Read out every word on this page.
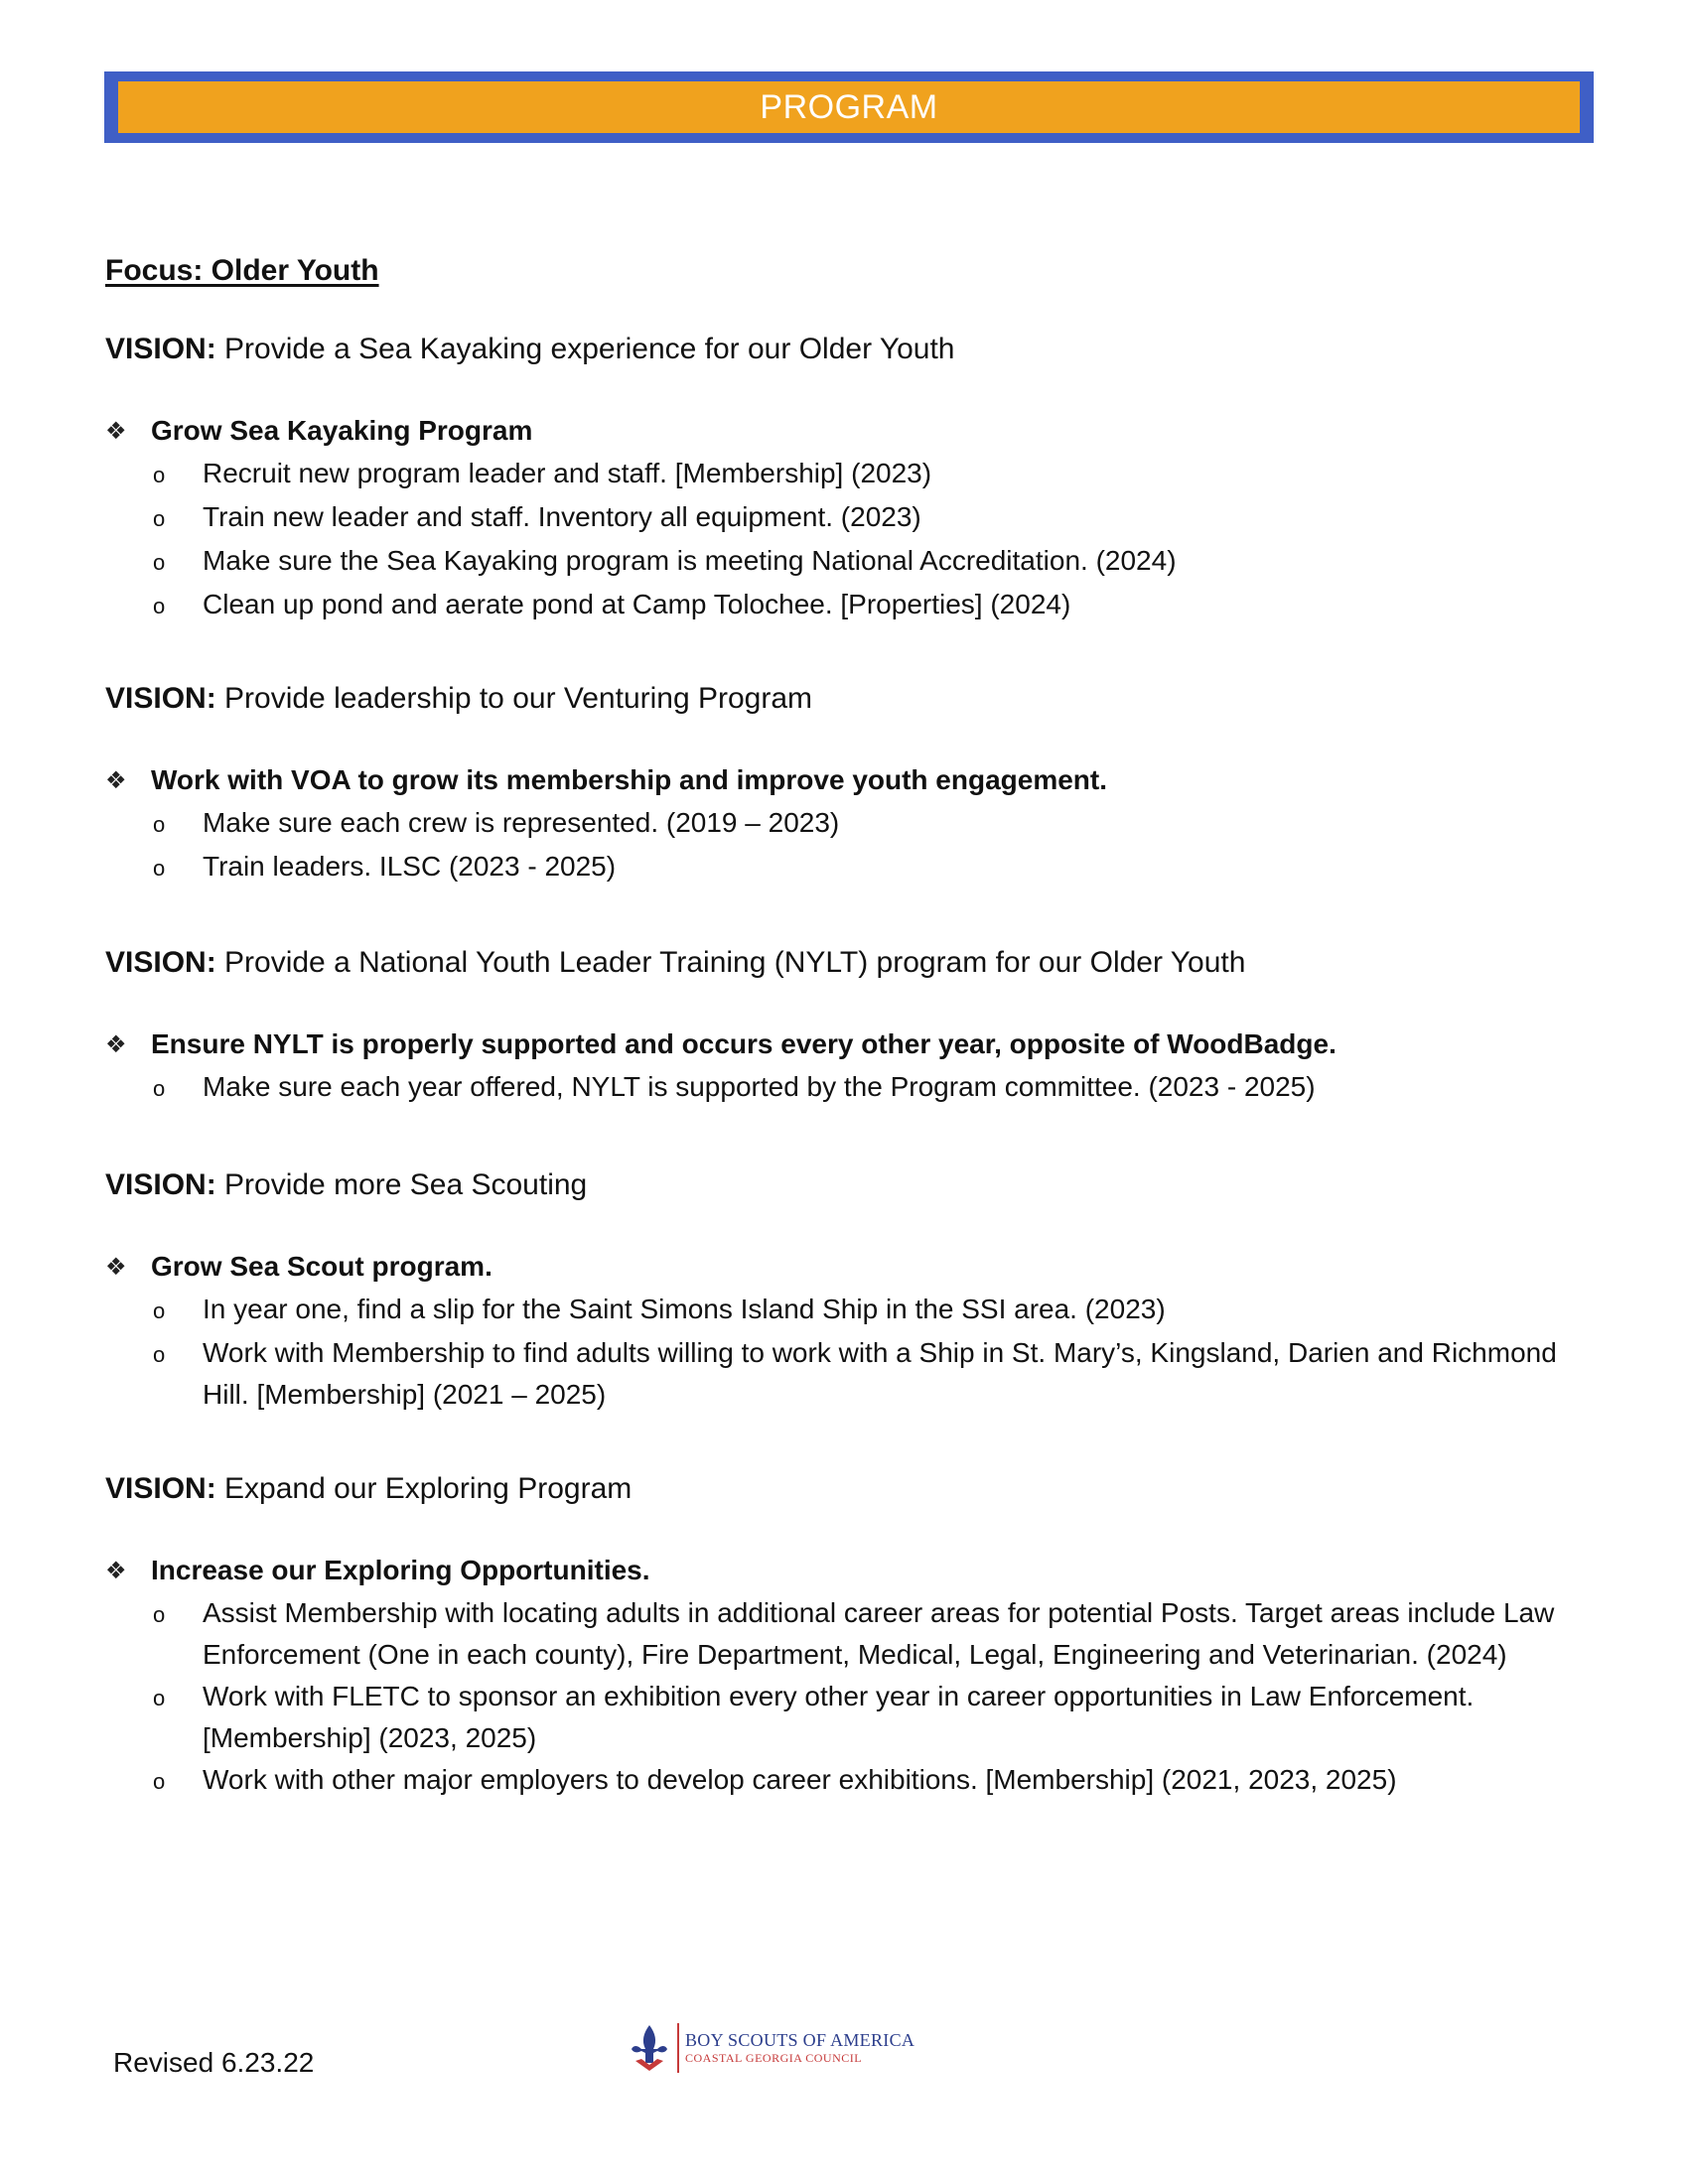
PROGRAM
Focus: Older Youth
VISION: Provide a Sea Kayaking experience for our Older Youth
❖ Grow Sea Kayaking Program
o	Recruit new program leader and staff. [Membership] (2023)
o	Train new leader and staff. Inventory all equipment. (2023)
o	Make sure the Sea Kayaking program is meeting National Accreditation. (2024)
o	Clean up pond and aerate pond at Camp Tolochee. [Properties] (2024)
VISION: Provide leadership to our Venturing Program
❖ Work with VOA to grow its membership and improve youth engagement.
o	Make sure each crew is represented. (2019 – 2023)
o	Train leaders. ILSC (2023 - 2025)
VISION: Provide a National Youth Leader Training (NYLT) program for our Older Youth
❖ Ensure NYLT is properly supported and occurs every other year, opposite of WoodBadge.
o	Make sure each year offered, NYLT is supported by the Program committee. (2023 - 2025)
VISION: Provide more Sea Scouting
❖ Grow Sea Scout program.
o	In year one, find a slip for the Saint Simons Island Ship in the SSI area. (2023)
o	Work with Membership to find adults willing to work with a Ship in St. Mary’s, Kingsland, Darien and Richmond Hill. [Membership] (2021 – 2025)
VISION: Expand our Exploring Program
❖ Increase our Exploring Opportunities.
o	Assist Membership with locating adults in additional career areas for potential Posts. Target areas include Law Enforcement (One in each county), Fire Department, Medical, Legal, Engineering and Veterinarian. (2024)
o	Work with FLETC to sponsor an exhibition every other year in career opportunities in Law Enforcement. [Membership] (2023, 2025)
o	Work with other major employers to develop career exhibitions. [Membership] (2021, 2023, 2025)
Revised 6.23.22
BOY SCOUTS OF AMERICA
COASTAL GEORGIA COUNCIL
